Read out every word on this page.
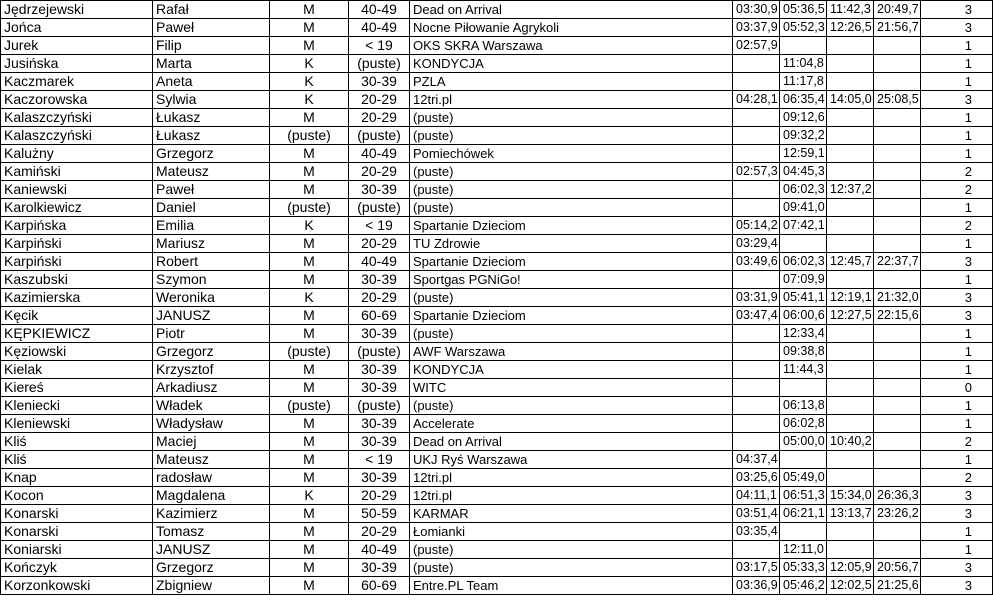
Jędrzejewski	Rafał	M	40-49	Dead on Arrival	03:30,9	05:36,5	11:42,3	20:49,7	3
Jońca	Paweł	M	40-49	Nocne Piłowanie Agrykoli	03:37,9	05:52,3	12:26,5	21:56,7	3
Jurek	Filip	M	< 19	OKS SKRA Warszawa	02:57,9				1
Jusińska	Marta	K	(puste)	KONDYCJA		11:04,8			1
Kaczmarek	Aneta	K	30-39	PZLA		11:17,8			1
Kaczorowska	Sylwia	K	20-29	12tri.pl	04:28,1	06:35,4	14:05,0	25:08,5	3
Kalaszczyński	Łukasz	M	20-29	(puste)		09:12,6			1
Kalaszczyński	Łukasz	(puste)	(puste)	(puste)		09:32,2			1
Kalużny	Grzegorz	M	40-49	Pomiechówek		12:59,1			1
Kamiński	Mateusz	M	20-29	(puste)	02:57,3	04:45,3			2
Kaniewski	Paweł	M	30-39	(puste)		06:02,3	12:37,2		2
Karolkiewicz	Daniel	(puste)	(puste)	(puste)		09:41,0			1
Karpińska	Emilia	K	< 19	Spartanie Dzieciom	05:14,2	07:42,1			2
Karpiński	Mariusz	M	20-29	TU Zdrowie	03:29,4				1
Karpiński	Robert	M	40-49	Spartanie Dzieciom	03:49,6	06:02,3	12:45,7	22:37,7	3
Kaszubski	Szymon	M	30-39	Sportgas PGNiGo!		07:09,9			1
Kazimierska	Weronika	K	20-29	(puste)	03:31,9	05:41,1	12:19,1	21:32,0	3
Kęcik	JANUSZ	M	60-69	Spartanie Dzieciom	03:47,4	06:00,6	12:27,5	22:15,6	3
KĘPKIEWICZ	Piotr	M	30-39	(puste)		12:33,4			1
Kęziowski	Grzegorz	(puste)	(puste)	AWF Warszawa		09:38,8			1
Kielak	Krzysztof	M	30-39	KONDYCJA		11:44,3			1
Kiereś	Arkadiusz	M	30-39	WITC					0
Kleniecki	Władek	(puste)	(puste)	(puste)		06:13,8			1
Kleniewski	Władysław	M	30-39	Accelerate		06:02,8			1
Kliś	Maciej	M	30-39	Dead on Arrival		05:00,0	10:40,2		2
Kliś	Mateusz	M	< 19	UKJ Ryś Warszawa	04:37,4				1
Knap	radosław	M	30-39	12tri.pl	03:25,6	05:49,0			2
Kocon	Magdalena	K	20-29	12tri.pl	04:11,1	06:51,3	15:34,0	26:36,3	3
Konarski	Kazimierz	M	50-59	KARMAR	03:51,4	06:21,1	13:13,7	23:26,2	3
Konarski	Tomasz	M	20-29	Łomianki	03:35,4				1
Koniarski	JANUSZ	M	40-49	(puste)		12:11,0			1
Kończyk	Grzegorz	M	30-39	(puste)	03:17,5	05:33,3	12:05,9	20:56,7	3
Korzonkowski	Zbigniew	M	60-69	Entre.PL Team	03:36,9	05:46,2	12:02,5	21:25,6	3
